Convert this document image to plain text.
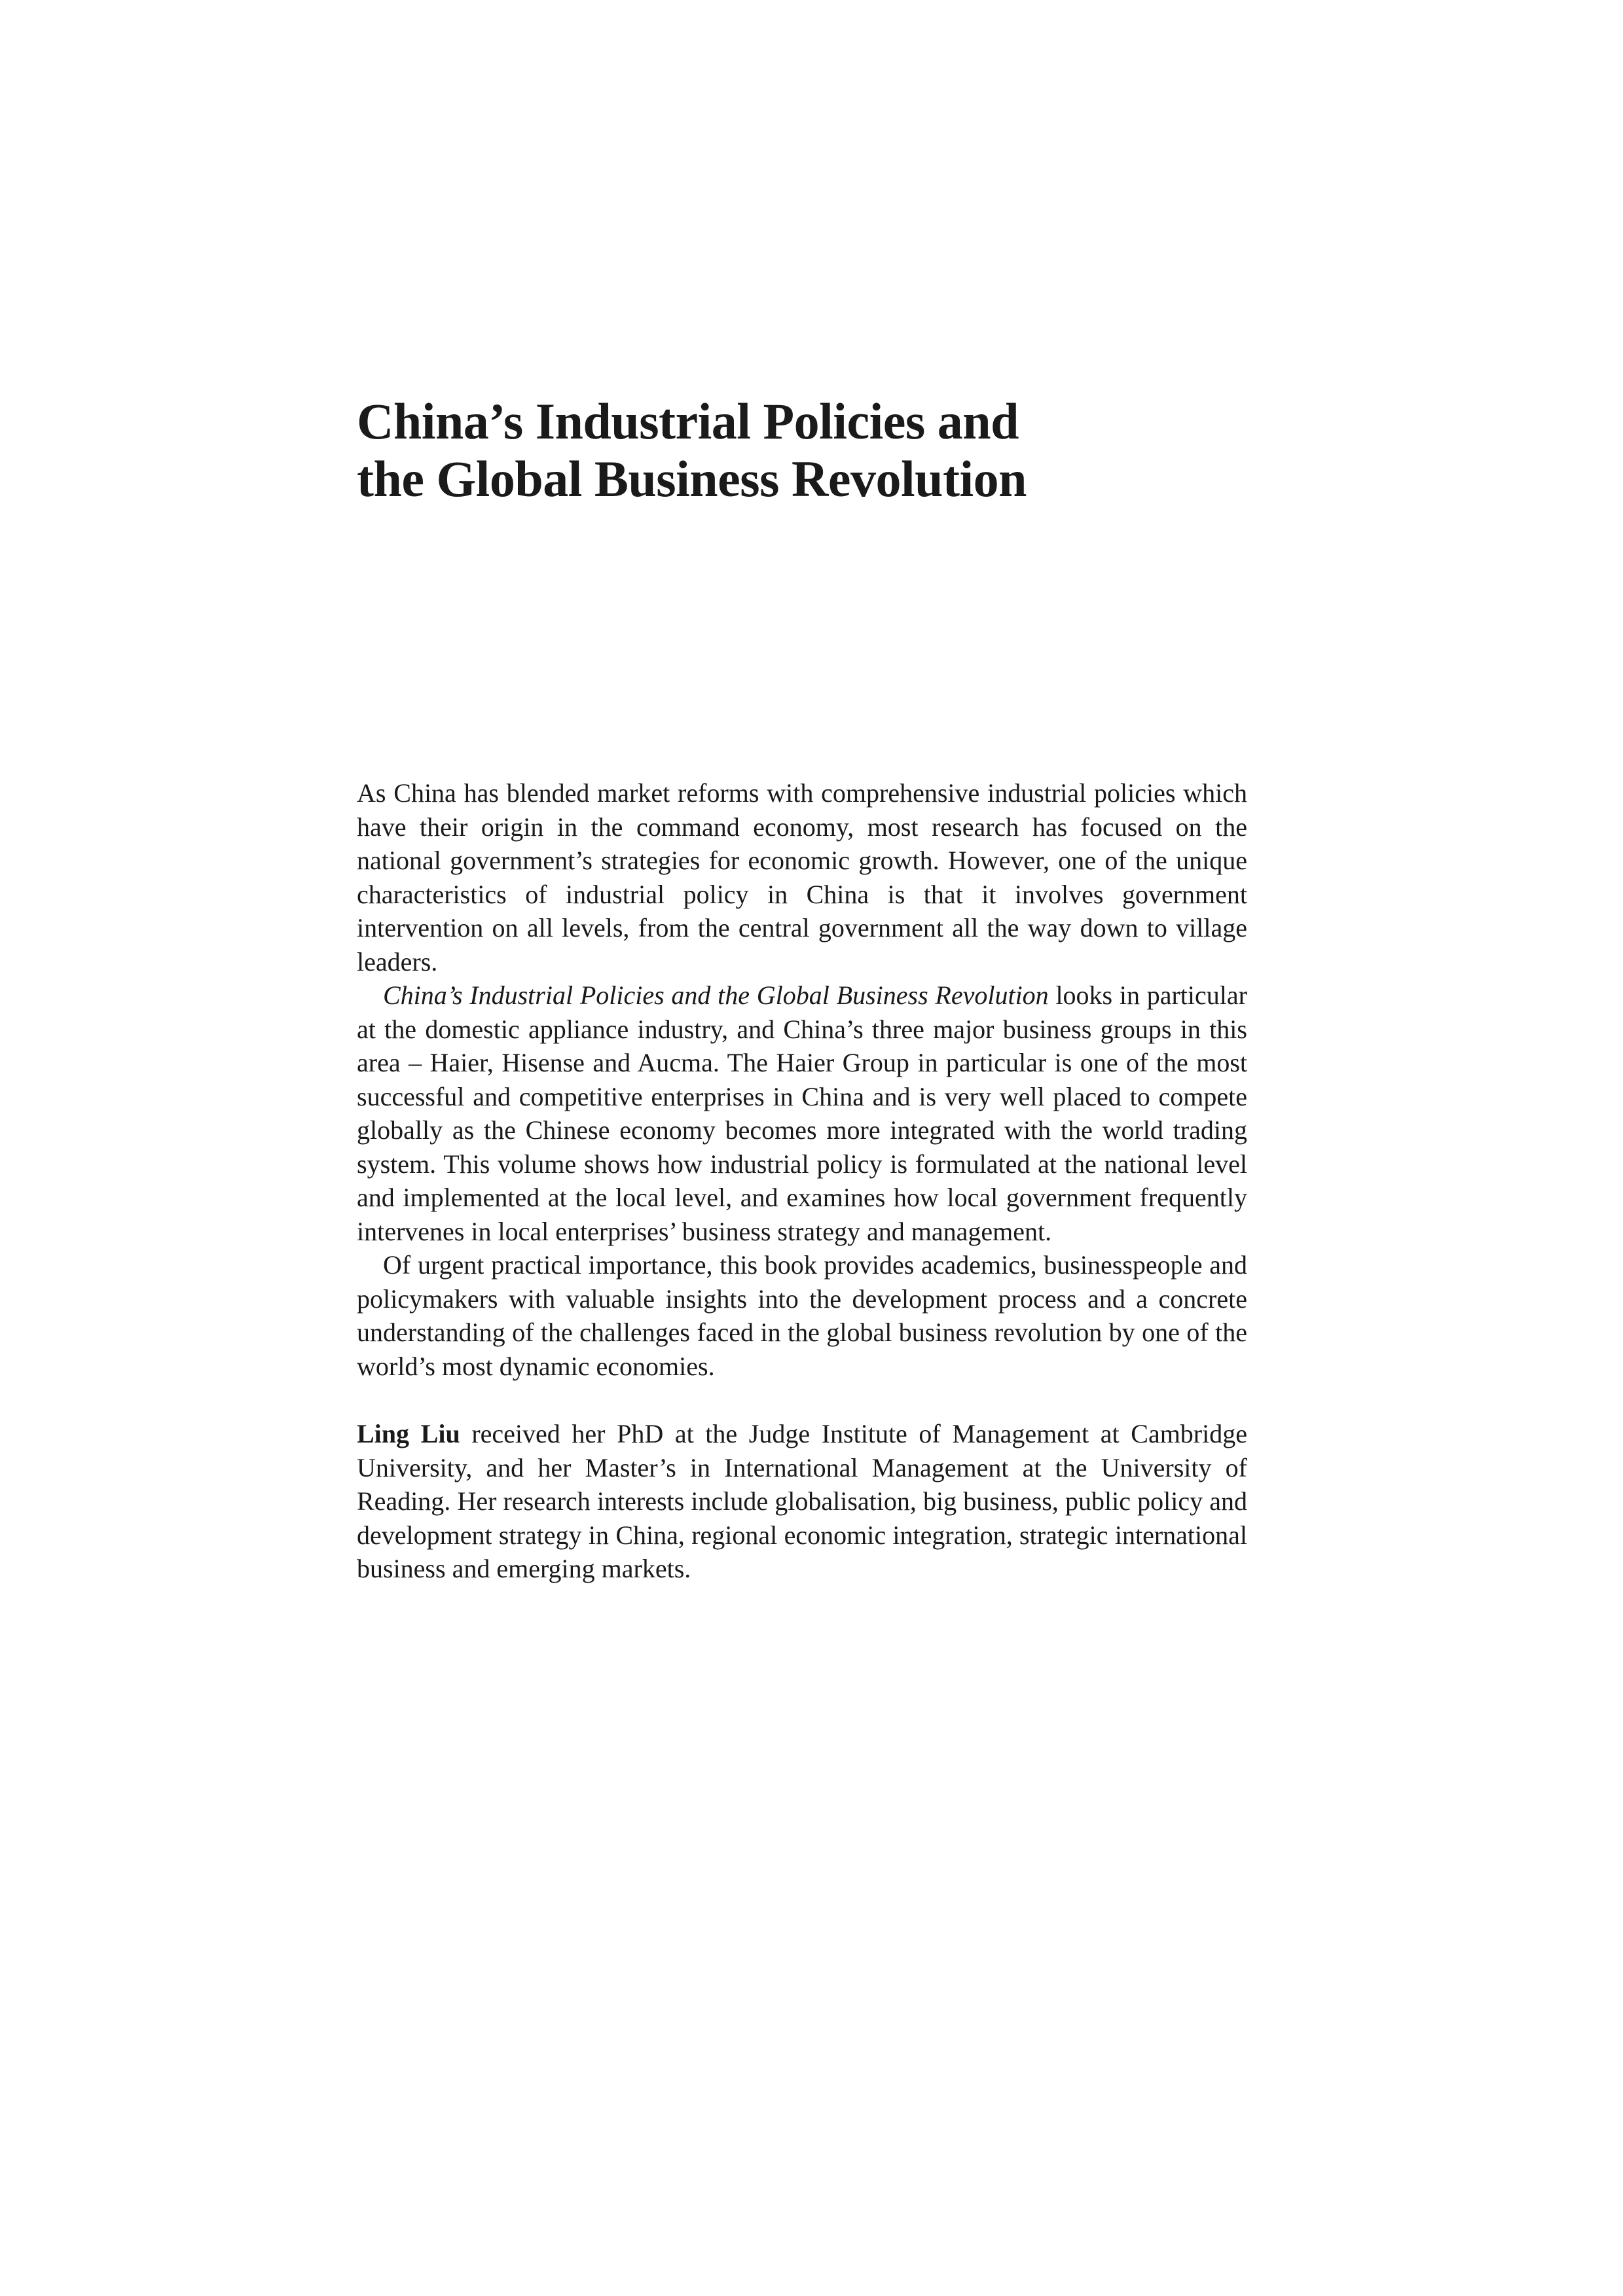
China’s Industrial Policies and

the Global Business Revolution

As China has blended market reforms with comprehensive industrial policies which have their origin in the command economy, most research has focused on the national government’s strategies for economic growth. However, one of the unique characteristics of industrial policy in China is that it involves government intervention on all levels, from the central government all the way down to village leaders.

China’s Industrial Policies and the Global Business Revolution looks in particular at the domestic appliance industry, and China’s three major business groups in this area – Haier, Hisense and Aucma. The Haier Group in particular is one of the most successful and competitive enterprises in China and is very well placed to compete globally as the Chinese economy becomes more integrated with the world trading system. This volume shows how industrial policy is formulated at the national level and implemented at the local level, and examines how local government frequently intervenes in local enterprises’ business strategy and management.

Of urgent practical importance, this book provides academics, businesspeople and policymakers with valuable insights into the development process and a concrete understanding of the challenges faced in the global business revolution by one of the world’s most dynamic economies.

Ling Liu received her PhD at the Judge Institute of Management at Cambridge University, and her Master’s in International Management at the University of Reading. Her research interests include globalisation, big business, public policy and development strategy in China, regional economic integration, strategic international business and emerging markets.
